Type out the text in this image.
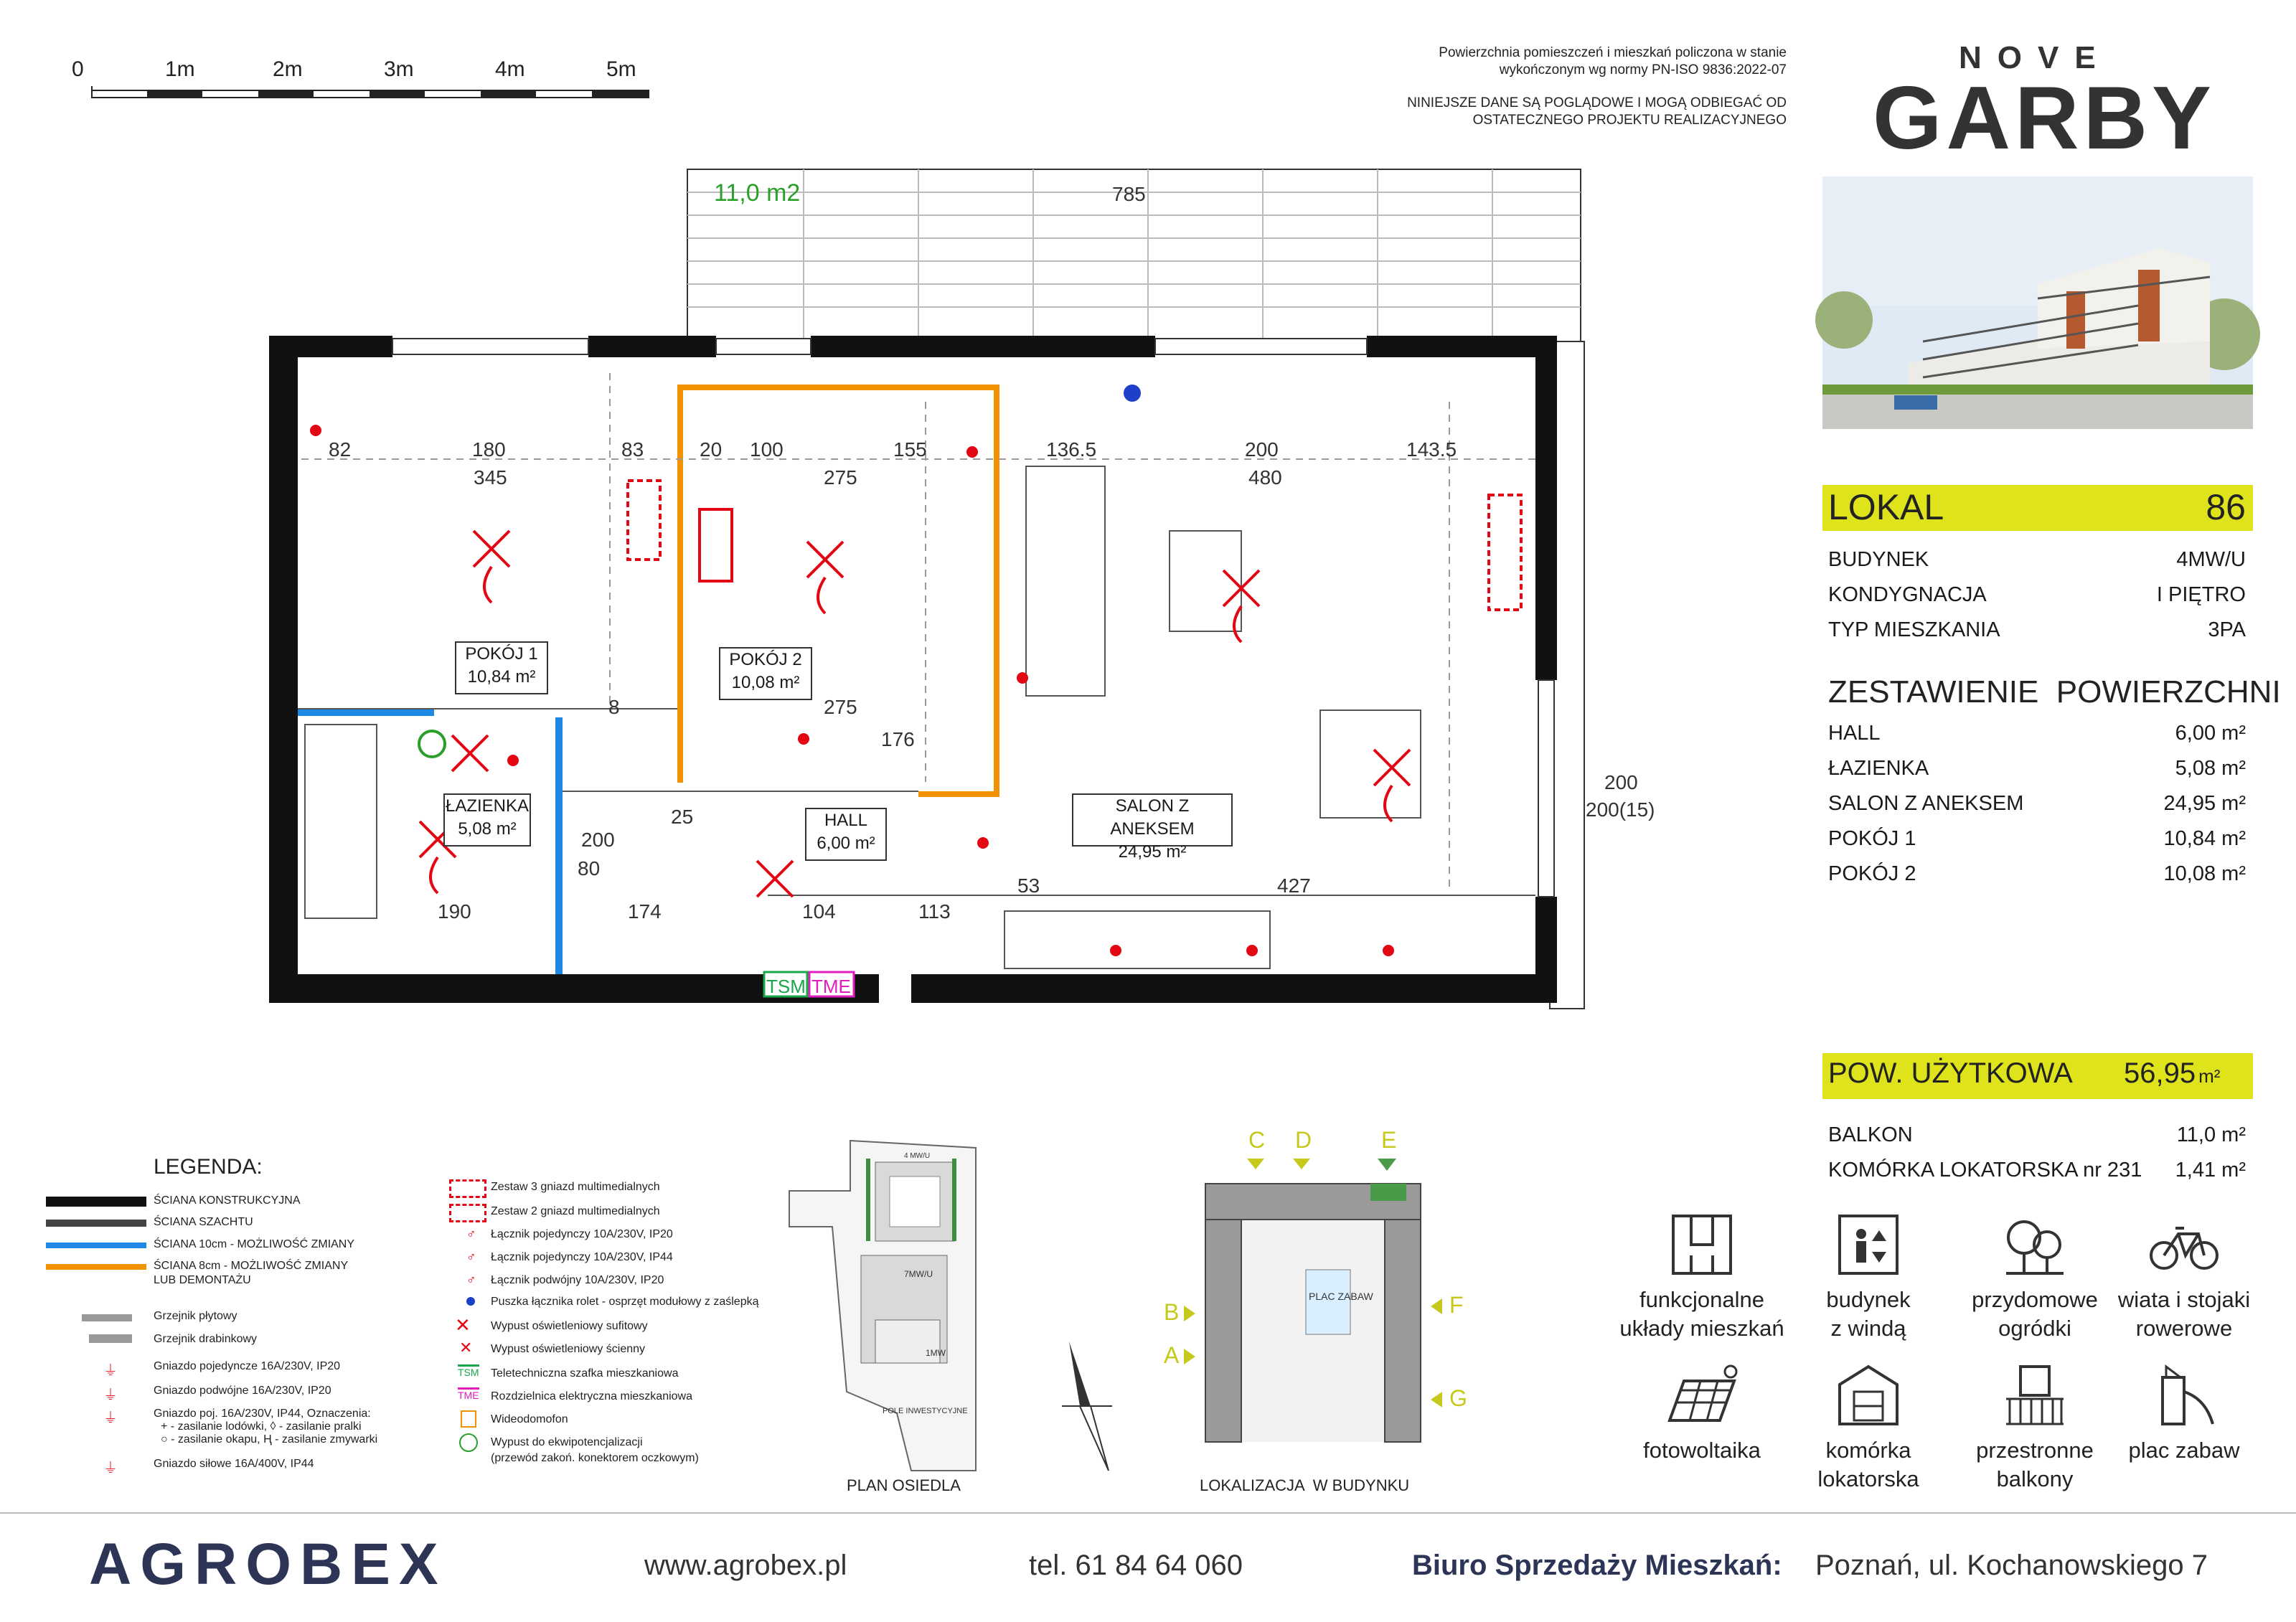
0	1m	2m	3m	4m	5m
Powierzchnia pomieszczeń i mieszkań policzona w stanie
wykończonym wg normy PN-ISO 9836:2022-07
NINIEJSZE DANE SĄ POGLĄDOWE I MOGĄ ODBIEGAĆ OD
OSTATECZNEGO PROJEKTU REALIZACYJNEGO
NOVE
GARBY
11,0 m2	785
82	180	83	20 100	155	136.5	200	143.5
345	275	480
275
176
190	174	104	113
53	427
8
25
200
80
200
200(15)
TSM TME
POKÓJ 1
10,84 m²
POKÓJ 2
10,08 m²
ŁAZIENKA
5,08 m²	HALL
6,00 m²
SALON Z ANEKSEM
24,95 m²
LOKAL	86
BUDYNEK	4MW/U
KONDYGNACJA	I PIĘTRO
TYP MIESZKANIA	3PA
ZESTAWIENIE  POWIERZCHNI
HALL	6,00 m²
ŁAZIENKA	5,08 m²
SALON Z ANEKSEM	24,95 m²
POKÓJ 1	10,84 m²
POKÓJ 2	10,08 m²
POW. UŻYTKOWA 56,95 m²
BALKON	11,0 m²
KOMÓRKA LOKATORSKA nr 231 1,41 m²
LEGENDA:
ŚCIANA KONSTRUKCYJNA
ŚCIANA SZACHTU
ŚCIANA 10cm - MOŻLIWOŚĆ ZMIANY
ŚCIANA 8cm - MOŻLIWOŚĆ ZMIANY
LUB DEMONTAŻU
Grzejnik płytowy
Grzejnik drabinkowy
Gniazdo pojedyncze 16A/230V, IP20
Gniazdo podwójne 16A/230V, IP20
Gniazdo poj. 16A/230V, IP44, Oznaczenia:
+ - zasilanie lodówki, ◊ - zasilanie pralki
○ - zasilanie okapu, Ⱨ - zasilanie zmywarki
Gniazdo siłowe 16A/400V, IP44
⏚
⏚
⏚
⏚
Zestaw 3 gniazd multimedialnych
Zestaw 2 gniazd multimedialnych
♂ Łącznik pojedynczy 10A/230V, IP20
♂ Łącznik pojedynczy 10A/230V, IP44
♂ Łącznik podwójny 10A/230V, IP20
Puszka łącznika rolet - osprzęt modułowy z zaślepką
✕ Wypust oświetleniowy sufitowy
✕ Wypust oświetleniowy ścienny
TSM Teletechniczna szafka mieszkaniowa
TME Rozdzielnica elektryczna mieszkaniowa
Wideodomofon
Wypust do ekwipotencjalizacji
(przewód zakoń. konektorem oczkowym)
4 MW/U
7MW/U
1MW
POLE INWESTYCYJNE
PLAN OSIEDLA
PLAC ZABAW
C D	E
B
A
F
G
LOKALIZACJA  W BUDYNKU
funkcjonalne
układy mieszkań
budynek
z windą
przydomowe
ogródki
wiata i stojaki
rowerowe
fotowoltaika	komórka
lokatorska
przestronne
balkony
plac zabaw
AGROBEX	www.agrobex.pl	tel. 61 84 64 060	Biuro Sprzedaży Mieszkań: Poznań, ul. Kochanowskiego 7
